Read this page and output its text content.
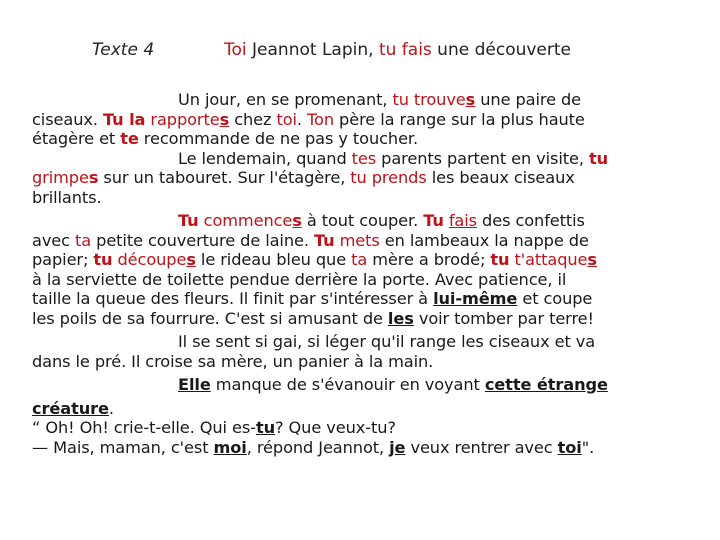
Texte 4	Toi Jeannot Lapin, tu fais une découverte
Un jour, en se promenant, tu trouves une paire de
ciseaux. Tu la rapportes chez toi. Ton père la range sur la plus haute
étagère et te recommande de ne pas y toucher.
Le lendemain, quand tes parents partent en visite, tu
grimpes sur un tabouret. Sur l'étagère, tu prends les beaux ciseaux
brillants.
Tu commences à tout couper. Tu fais des confettis
avec ta petite couverture de laine. Tu mets en lambeaux la nappe de
papier; tu découpes le rideau bleu que ta mère a brodé; tu t'attaques
à la serviette de toilette pendue derrière la porte. Avec patience, il
taille la queue des fleurs. Il finit par s'intéresser à lui-même et coupe
les poils de sa fourrure. C'est si amusant de les voir tomber par terre!
Il se sent si gai, si léger qu'il range les ciseaux et va
dans le pré. Il croise sa mère, un panier à la main.
Elle manque de s'évanouir en voyant cette étrange
créature.
“ Oh! Oh! crie-t-elle. Qui es-tu? Que veux-tu?
— Mais, maman, c'est moi, répond Jeannot, je veux rentrer avec toi".
